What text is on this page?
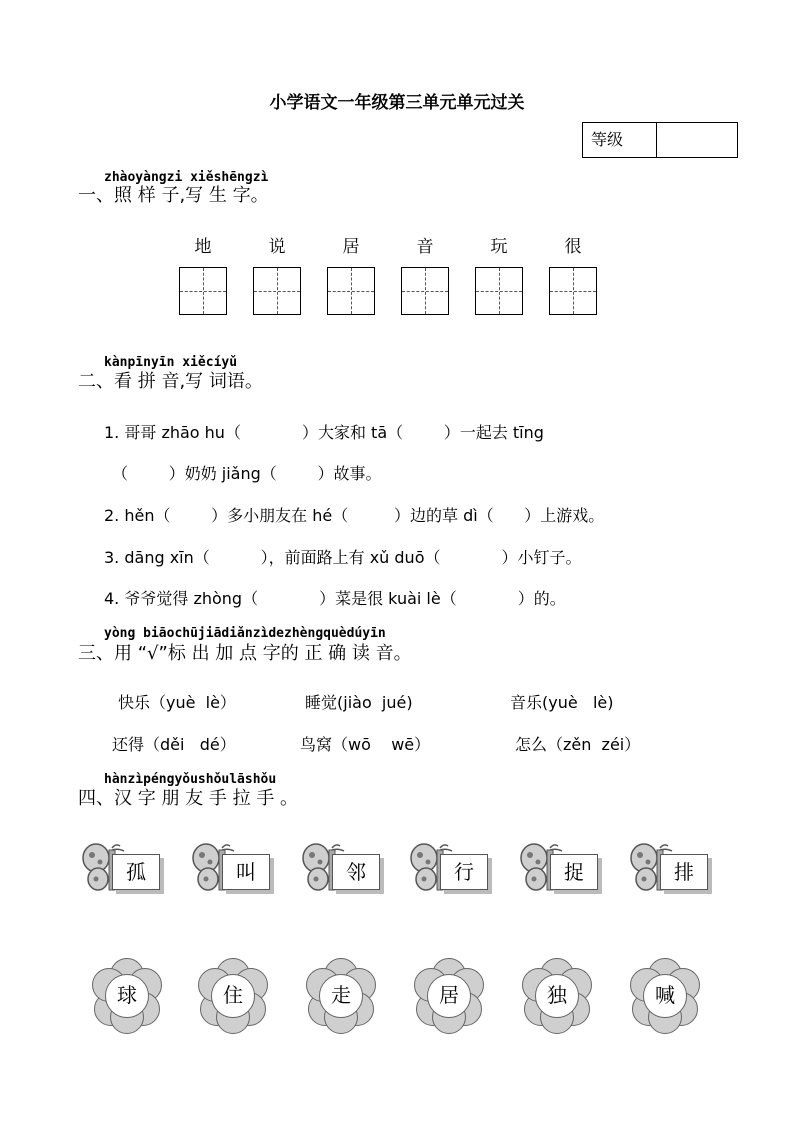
小学语文一年级第三单元单元过关
等级
zhàoyàngzi xiěshēngzì
一、照 样 子,写 生 字。
地	说	居	音	玩	很
kànpīnyīn xiěcíyǔ
二、看 拼 音,写 词语。
1. 哥哥 zhāo hu（            ）大家和 tā（        ）一起去 tīng
（        ）奶奶 jiǎng（        ）故事。
2. hěn（        ）多小朋友在 hé（         ）边的草 dì（      ）上游戏。
3. dāng xīn（          ），前面路上有 xǔ duō（            ）小钉子。
4. 爷爷觉得 zhòng（            ）菜是很 kuài lè（            ）的。
yòng biāochūjiādiǎnzìdezhèngquèdúyīn
三、用 “√”标 出 加 点 字的 正 确 读 音。
快乐（yuè  lè）	睡觉(jiào  jué)	音乐(yuè   lè)
还得（děi   dé）	鸟窝（wō    wē）	怎么（zěn  zéi）
hànzìpéngyǒushǒulāshǒu
四、汉 字 朋 友 手 拉 手 。
孤	叫	邻	行	捉	排
球	住	走	居	独	喊
